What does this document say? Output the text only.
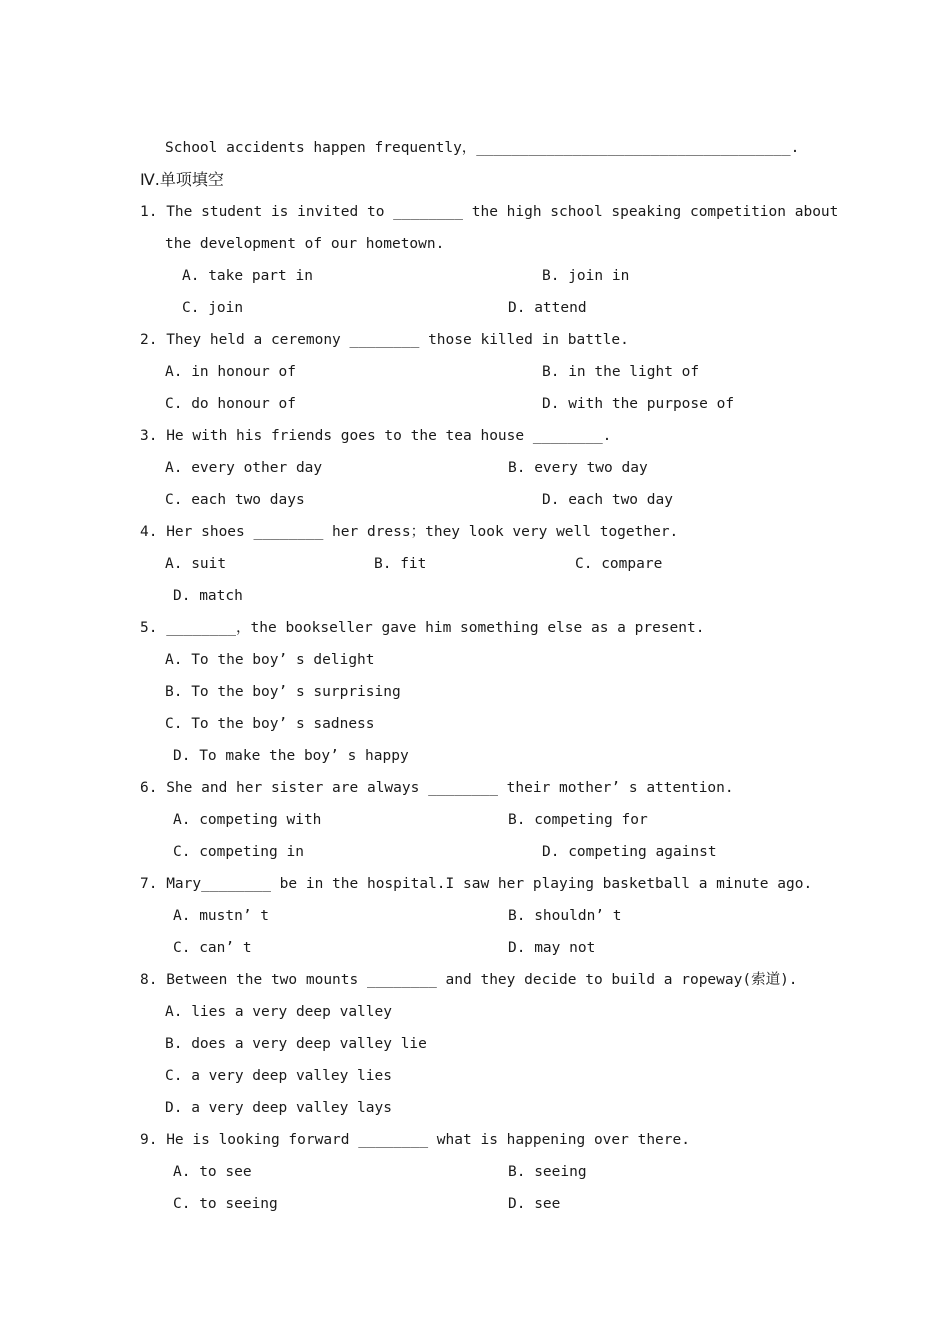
School accidents happen frequently，____________________________________.
Ⅳ.单项填空
1. The student is invited to ________ the high school speaking competition about
the development of our hometown.
A. take part in	B. join in
C. join	D. attend
2. They held a ceremony ________ those killed in battle.
A. in honour of	B. in the light of
C. do honour of	D. with the purpose of
3. He with his friends goes to the tea house ________.
A. every other day	B. every two day
C. each two days	D. each two day
4. Her shoes ________ her dress；they look very well together.
A. suit	B. fit	C. compare
D. match
5. ________，the bookseller gave him something else as a present.
A. To the boy’ s delight
B. To the boy’ s surprising
C. To the boy’ s sadness
D. To make the boy’ s happy
6. She and her sister are always ________ their mother’ s attention.
A. competing with	B. competing for
C. competing in	D. competing against
7. Mary________ be in the hospital.I saw her playing basketball a minute ago.
A. mustn’ t	B. shouldn’ t
C. can’ t	D. may not
8. Between the two mounts ________ and they decide to build a ropeway(索道).
A. lies a very deep valley
B. does a very deep valley lie
C. a very deep valley lies
D. a very deep valley lays
9. He is looking forward ________ what is happening over there.
A. to see	B. seeing
C. to seeing	D. see
